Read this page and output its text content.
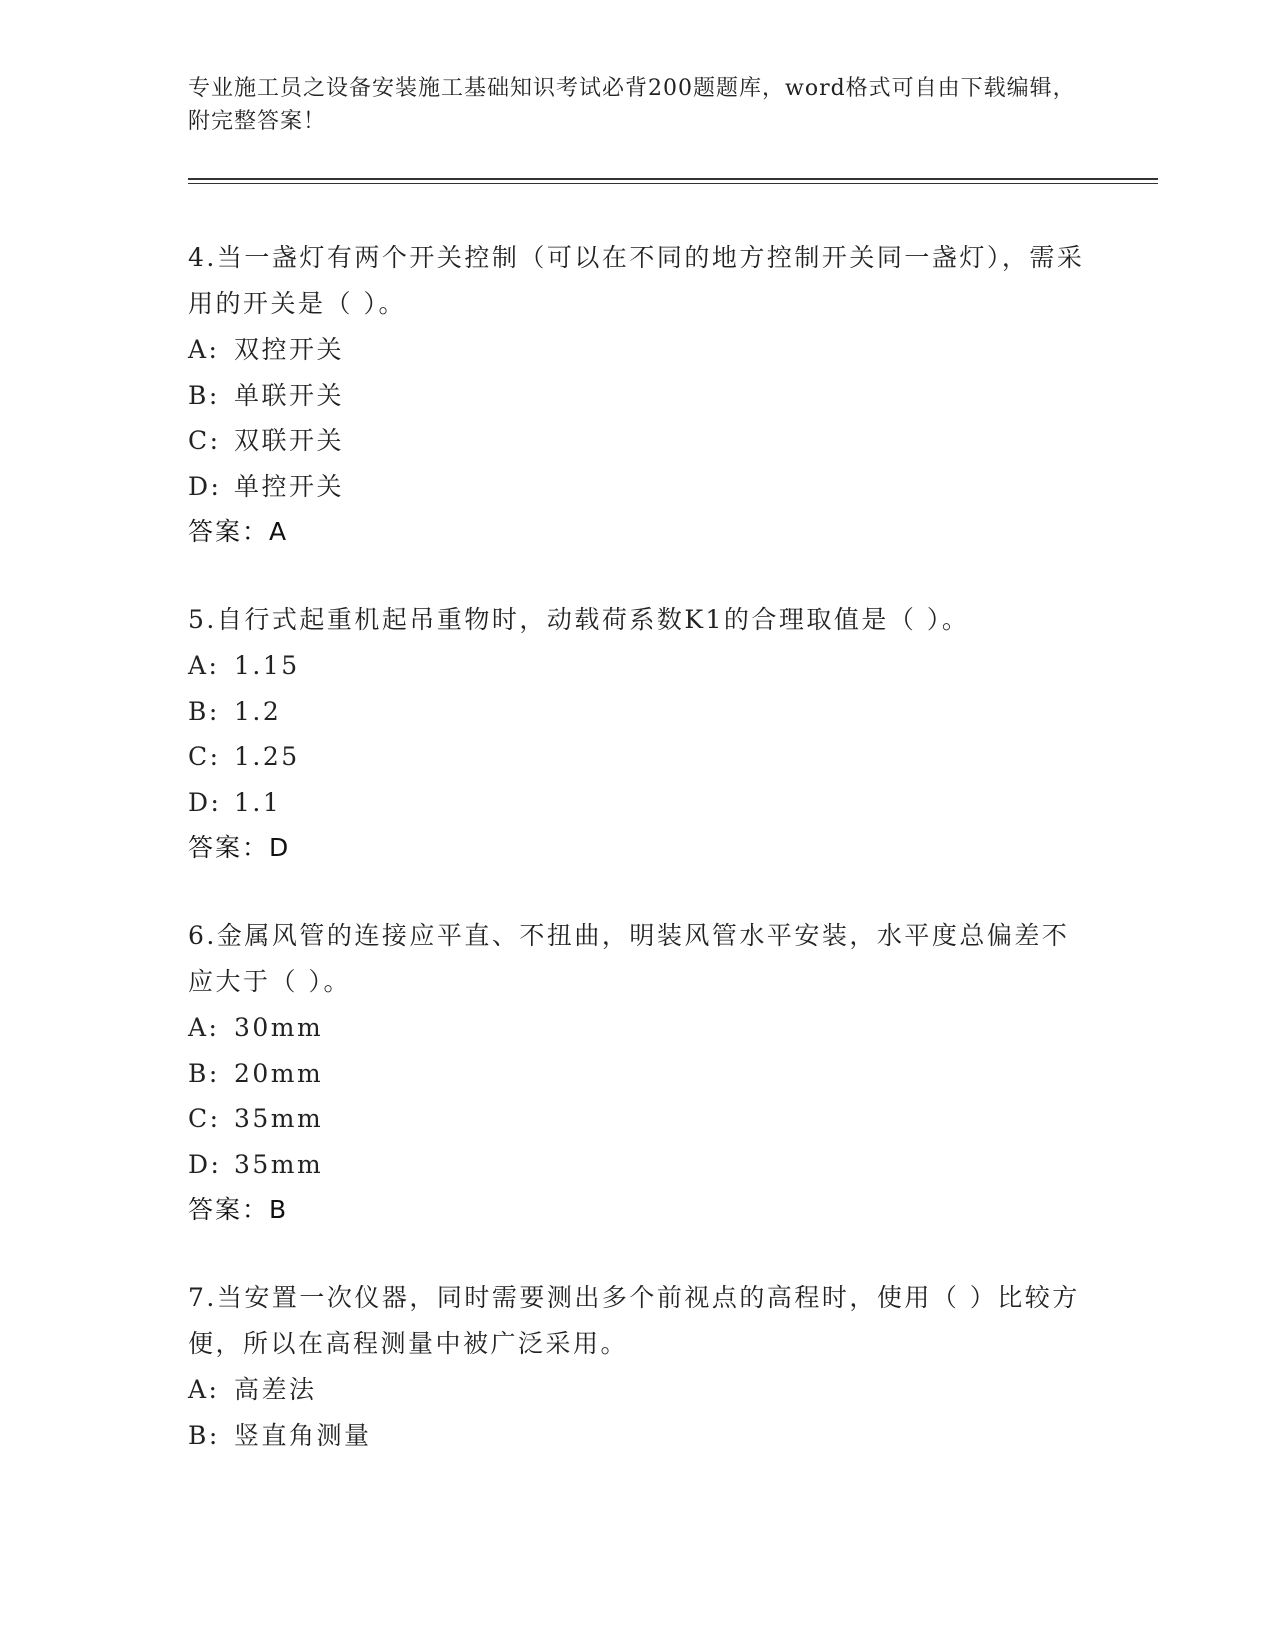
专业施工员之设备安装施工基础知识考试必背200题题库，word格式可自由下载编辑，附完整答案！

4.当一盏灯有两个开关控制（可以在不同的地方控制开关同一盏灯），需采用的开关是（ ）。

A: 双控开关

B: 单联开关

C: 双联开关

D: 单控开关

答案：A

5.自行式起重机起吊重物时，动载荷系数K1的合理取值是（ ）。

A: 1.15

B: 1.2

C: 1.25

D: 1.1

答案：D

6.金属风管的连接应平直、不扭曲，明装风管水平安装，水平度总偏差不应大于（ ）。

A: 30mm

B: 20mm

C: 35mm

D: 35mm

答案：B

7.当安置一次仪器，同时需要测出多个前视点的高程时，使用（ ）比较方便，所以在高程测量中被广泛采用。

A: 高差法

B: 竖直角测量
